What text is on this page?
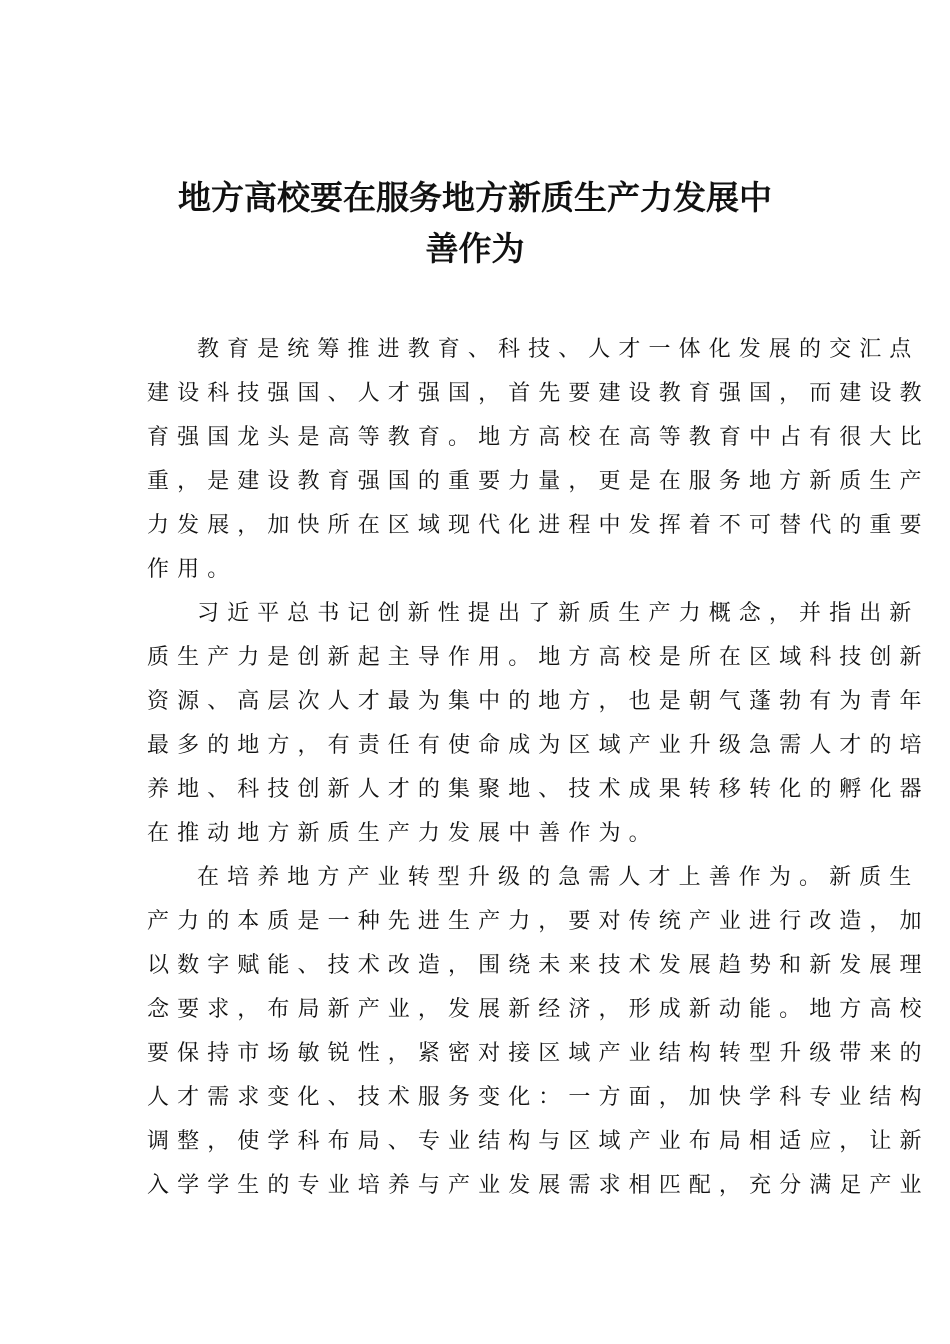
地方高校要在服务地方新质生产力发展中
善作为
教育是统筹推进教育、科技、人才一体化发展的交汇点
建设科技强国、人才强国，首先要建设教育强国，而建设教
育强国龙头是高等教育。地方高校在高等教育中占有很大比
重，是建设教育强国的重要力量，更是在服务地方新质生产
力发展，加快所在区域现代化进程中发挥着不可替代的重要
作用。
习近平总书记创新性提出了新质生产力概念，并指出新
质生产力是创新起主导作用。地方高校是所在区域科技创新
资源、高层次人才最为集中的地方，也是朝气蓬勃有为青年
最多的地方，有责任有使命成为区域产业升级急需人才的培
养地、科技创新人才的集聚地、技术成果转移转化的孵化器
在推动地方新质生产力发展中善作为。
在培养地方产业转型升级的急需人才上善作为。新质生
产力的本质是一种先进生产力，要对传统产业进行改造，加
以数字赋能、技术改造，围绕未来技术发展趋势和新发展理
念要求，布局新产业，发展新经济，形成新动能。地方高校
要保持市场敏锐性，紧密对接区域产业结构转型升级带来的
人才需求变化、技术服务变化：一方面，加快学科专业结构
调整，使学科布局、专业结构与区域产业布局相适应，让新
入学学生的专业培养与产业发展需求相匹配，充分满足产业
